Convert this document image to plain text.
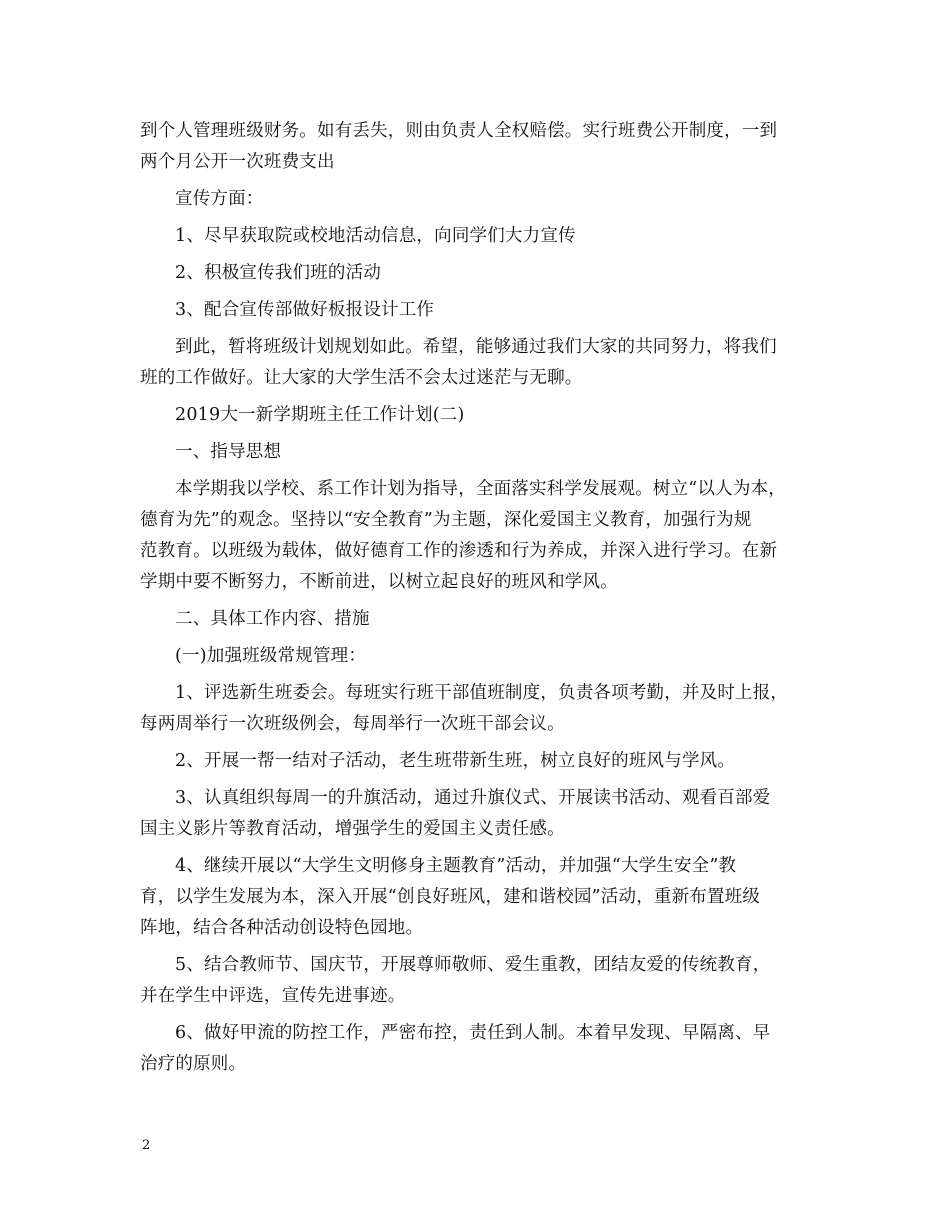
到个人管理班级财务。如有丢失，则由负责人全权赔偿。实行班费公开制度，一到
两个月公开一次班费支出
宣传方面：
1、尽早获取院或校地活动信息，向同学们大力宣传
2、积极宣传我们班的活动
3、配合宣传部做好板报设计工作
到此，暂将班级计划规划如此。希望，能够通过我们大家的共同努力，将我们
班的工作做好。让大家的大学生活不会太过迷茫与无聊。
2019大一新学期班主任工作计划(二)
一、指导思想
本学期我以学校、系工作计划为指导，全面落实科学发展观。树立“以人为本，
德育为先”的观念。坚持以“安全教育”为主题，深化爱国主义教育，加强行为规
范教育。以班级为载体，做好德育工作的渗透和行为养成，并深入进行学习。在新
学期中要不断努力，不断前进，以树立起良好的班风和学风。
二、具体工作内容、措施
(一)加强班级常规管理：
1、评选新生班委会。每班实行班干部值班制度，负责各项考勤，并及时上报，
每两周举行一次班级例会，每周举行一次班干部会议。
2、开展一帮一结对子活动，老生班带新生班，树立良好的班风与学风。
3、认真组织每周一的升旗活动，通过升旗仪式、开展读书活动、观看百部爱
国主义影片等教育活动，增强学生的爱国主义责任感。
4、继续开展以“大学生文明修身主题教育”活动，并加强“大学生安全”教
育，以学生发展为本，深入开展“创良好班风，建和谐校园”活动，重新布置班级
阵地，结合各种活动创设特色园地。
5、结合教师节、国庆节，开展尊师敬师、爱生重教，团结友爱的传统教育，
并在学生中评选，宣传先进事迹。
6、做好甲流的防控工作，严密布控，责任到人制。本着早发现、早隔离、早
治疗的原则。
2
